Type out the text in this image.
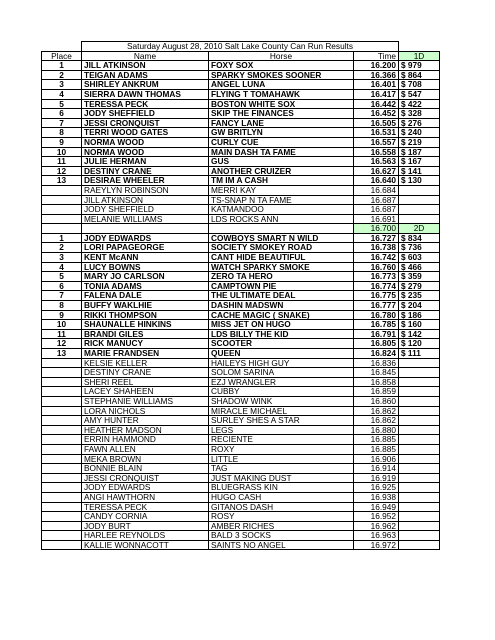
	Saturday August 28, 2010 Salt Lake County Can Run Results			
Place	Name	Horse	Time	1D
1	JILL ATKINSON	FOXY SOX	16.200	$ 979
2	TEIGAN ADAMS	SPARKY SMOKES SOONER	16.366	$ 864
3	SHIRLEY ANKRUM	ANGEL LUNA	16.401	$ 708
4	SIERRA DAWN THOMAS	FLYING T TOMAHAWK	16.417	$ 547
5	TERESSA PECK	BOSTON WHITE SOX	16.442	$ 422
6	JODY SHEFFIELD	SKIP THE FINANCES	16.452	$ 328
7	JESSI CRONQUIST	FANCY LANE	16.505	$ 276
8	TERRI WOOD GATES	GW BRITLYN	16.531	$ 240
9	NORMA WOOD	CURLY CUE	16.557	$ 219
10	NORMA WOOD	MAIN DASH TA FAME	16.558	$ 187
11	JULIE HERMAN	GUS	16.563	$ 167
12	DESTINY CRANE	ANOTHER CRUIZER	16.627	$ 141
13	DESIRAE WHEELER	TM IM A CASH	16.640	$ 130
	RAEYLYN ROBINSON	MERRI KAY	16.684	
	JILL ATKINSON	TS-SNAP N TA FAME	16.687	
	JODY SHEFFIELD	KATMANDOO	16.687	
	MELANIE WILLIAMS	LDS ROCKS ANN	16.691	
			16.700	2D
1	JODY EDWARDS	COWBOYS SMART N WILD	16.727	$ 834
2	LORI PAPAGEORGE	SOCIETY SMOKEY ROAD	16.738	$ 736
3	KENT McANN	CANT HIDE BEAUTIFUL	16.742	$ 603
4	LUCY BOWNS	WATCH SPARKY SMOKE	16.760	$ 466
5	MARY JO CARLSON	ZERO TA HERO	16.773	$ 359
6	TONIA ADAMS	CAMPTOWN PIE	16.774	$ 279
7	FALENA DALE	THE ULTIMATE DEAL	16.775	$ 235
8	BUFFY WAKLHIE	DASHIN MADSWN	16.777	$ 204
9	RIKKI THOMPSON	CACHE MAGIC ( SNAKE)	16.780	$ 186
10	SHAUNALLE HINKINS	MISS JET ON HUGO	16.785	$ 160
11	BRANDI GILES	LDS BILLY THE KID	16.791	$ 142
12	RICK MANUCY	SCOOTER	16.805	$ 120
13	MARIE FRANDSEN	QUEEN	16.824	$ 111
	KELSIE KELLER	HAILEYS HIGH GUY	16.836	
	DESTINY CRANE	SOLOM SARINA	16.845	
	SHERI REEL	EZJ WRANGLER	16.858	
	LACEY SHAHEEN	CUBBY	16.859	
	STEPHANIE WILLIAMS	SHADOW WINK	16.860	
	LORA NICHOLS	MIRACLE MICHAEL	16.862	
	AMY HUNTER	SURLEY SHES A STAR	16.862	
	HEATHER MADSON	LEGS	16.880	
	ERRIN HAMMOND	RECIENTE	16.885	
	FAWN ALLEN	ROXY	16.885	
	MEKA BROWN	LITTLE	16.906	
	BONNIE BLAIN	TAG	16.914	
	JESSI CRONQUIST	JUST MAKING DUST	16.919	
	JODY EDWARDS	BLUEGRASS KIN	16.925	
	ANGI HAWTHORN	HUGO CASH	16.938	
	TERESSA PECK	GITANOS DASH	16.949	
	CANDY CORNIA	ROSY	16.952	
	JODY BURT	AMBER RICHES	16.962	
	HARLEE REYNOLDS	BALD 3 SOCKS	16.963	
	KALLIE WONNACOTT	SAINTS NO ANGEL	16.972	
